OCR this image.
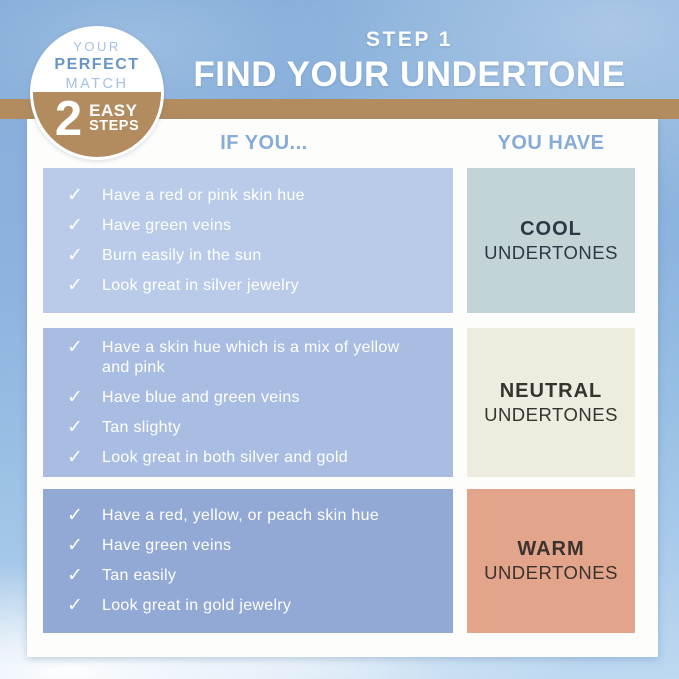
STEP 1
FIND YOUR UNDERTONE
YOUR
PERFECT
MATCH
2 EASY
STEPS
IF YOU...	YOU HAVE
✓ Have a red or pink skin hue
✓ Have green veins
✓ Burn easily in the sun
✓ Look great in silver jewelry
COOL
UNDERTONES
✓ Have a skin hue which is a mix of yellow and pink
✓ Have blue and green veins
✓ Tan slighty
✓ Look great in both silver and gold
NEUTRAL
UNDERTONES
✓ Have a red, yellow, or peach skin hue
✓ Have green veins
✓ Tan easily
✓ Look great in gold jewelry
WARM
UNDERTONES
